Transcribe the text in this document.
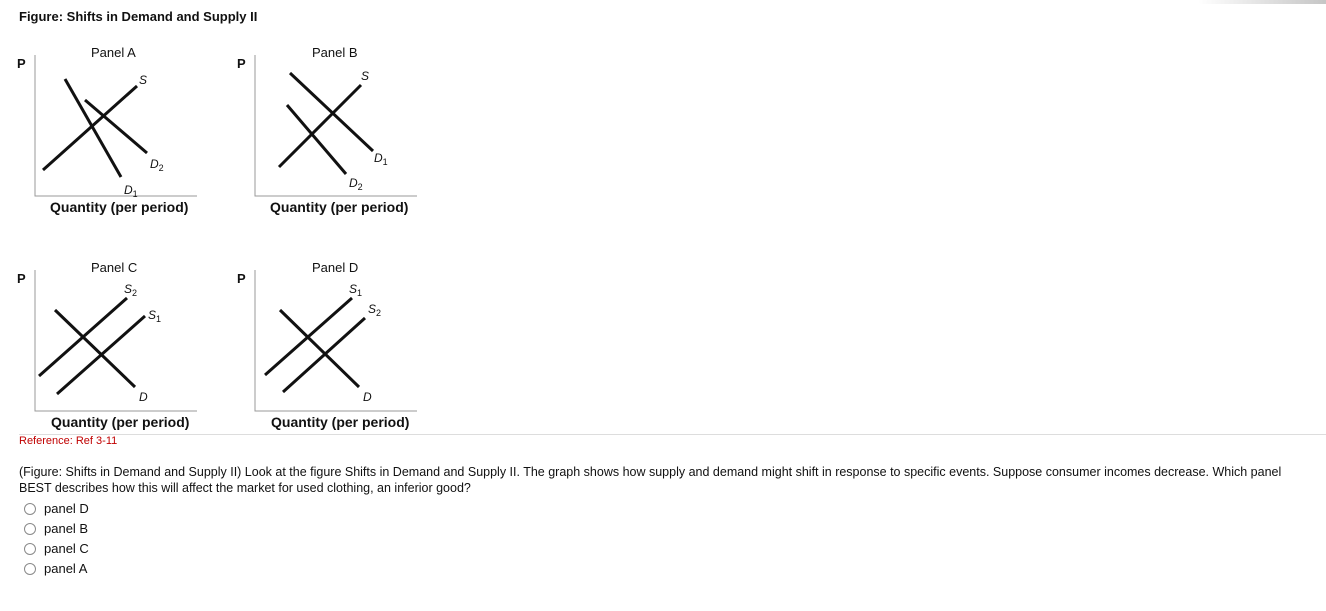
Figure: Shifts in Demand and Supply II
Panel A
P
S
$D_2$
$D_1$
Quantity (per period)
Panel B
P
S
$D_1$
$D_2$
Quantity (per period)
Panel C
P
$S_2$
$S_1$
D
Quantity (per period)
Panel D
P
$S_1$
$S_2$
D
Quantity (per period)
Reference: Ref 3-11
(Figure: Shifts in Demand and Supply II) Look at the figure Shifts in Demand and Supply II. The graph shows how supply and demand might shift in response to specific events. Suppose consumer incomes decrease. Which panel BEST describes how this will affect the market for used clothing, an inferior good?
panel D
panel B
panel C
panel A
